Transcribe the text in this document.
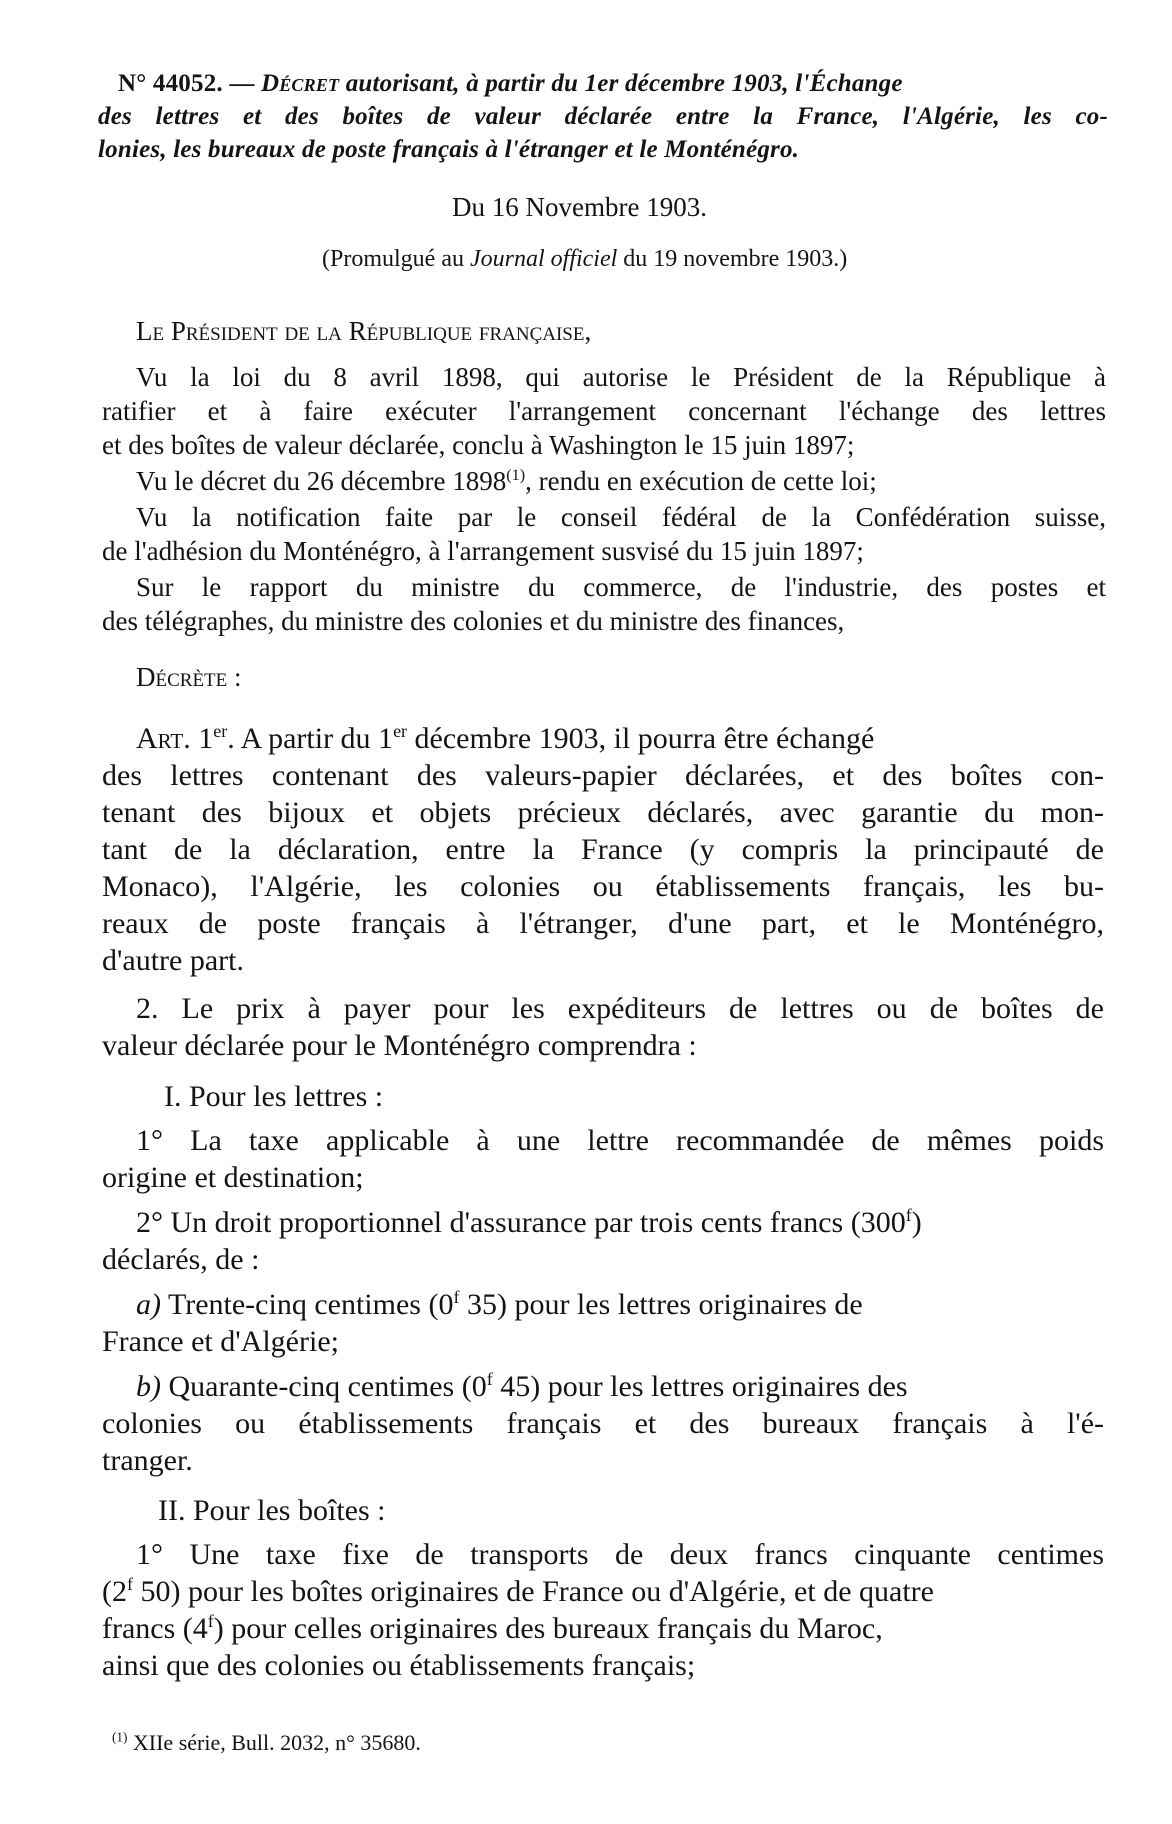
N° 44052. — Décret autorisant, à partir du 1er décembre 1903, l'Échange
des lettres et des boîtes de valeur déclarée entre la France, l'Algérie, les co-
lonies, les bureaux de poste français à l'étranger et le Monténégro.
Du 16 Novembre 1903.
(Promulgué au Journal officiel du 19 novembre 1903.)
Le Président de la République française,
Vu la loi du 8 avril 1898, qui autorise le Président de la République à
ratifier et à faire exécuter l'arrangement concernant l'échange des lettres
et des boîtes de valeur déclarée, conclu à Washington le 15 juin 1897;
Vu le décret du 26 décembre 1898$^{(1)}$, rendu en exécution de cette loi;
Vu la notification faite par le conseil fédéral de la Confédération suisse,
de l'adhésion du Monténégro, à l'arrangement susvisé du 15 juin 1897;
Sur le rapport du ministre du commerce, de l'industrie, des postes et
des télégraphes, du ministre des colonies et du ministre des finances,
Décrète :
Art. 1er. A partir du 1er décembre 1903, il pourra être échangé
des lettres contenant des valeurs-papier déclarées, et des boîtes con-
tenant des bijoux et objets précieux déclarés, avec garantie du mon-
tant de la déclaration, entre la France (y compris la principauté de
Monaco), l'Algérie, les colonies ou établissements français, les bu-
reaux de poste français à l'étranger, d'une part, et le Monténégro,
d'autre part.
2. Le prix à payer pour les expéditeurs de lettres ou de boîtes de
valeur déclarée pour le Monténégro comprendra :
I. Pour les lettres :
1° La taxe applicable à une lettre recommandée de mêmes poids
origine et destination;
2° Un droit proportionnel d'assurance par trois cents francs (300$^f$)
déclarés, de :
a) Trente-cinq centimes (0$^f$ 35) pour les lettres originaires de
France et d'Algérie;
b) Quarante-cinq centimes (0$^f$ 45) pour les lettres originaires des
colonies ou établissements français et des bureaux français à l'é-
tranger.
II. Pour les boîtes :
1° Une taxe fixe de transports de deux francs cinquante centimes
(2$^f$ 50) pour les boîtes originaires de France ou d'Algérie, et de quatre
francs (4$^f$) pour celles originaires des bureaux français du Maroc,
ainsi que des colonies ou établissements français;
$^{(1)}$ XIIe série, Bull. 2032, n° 35680.
